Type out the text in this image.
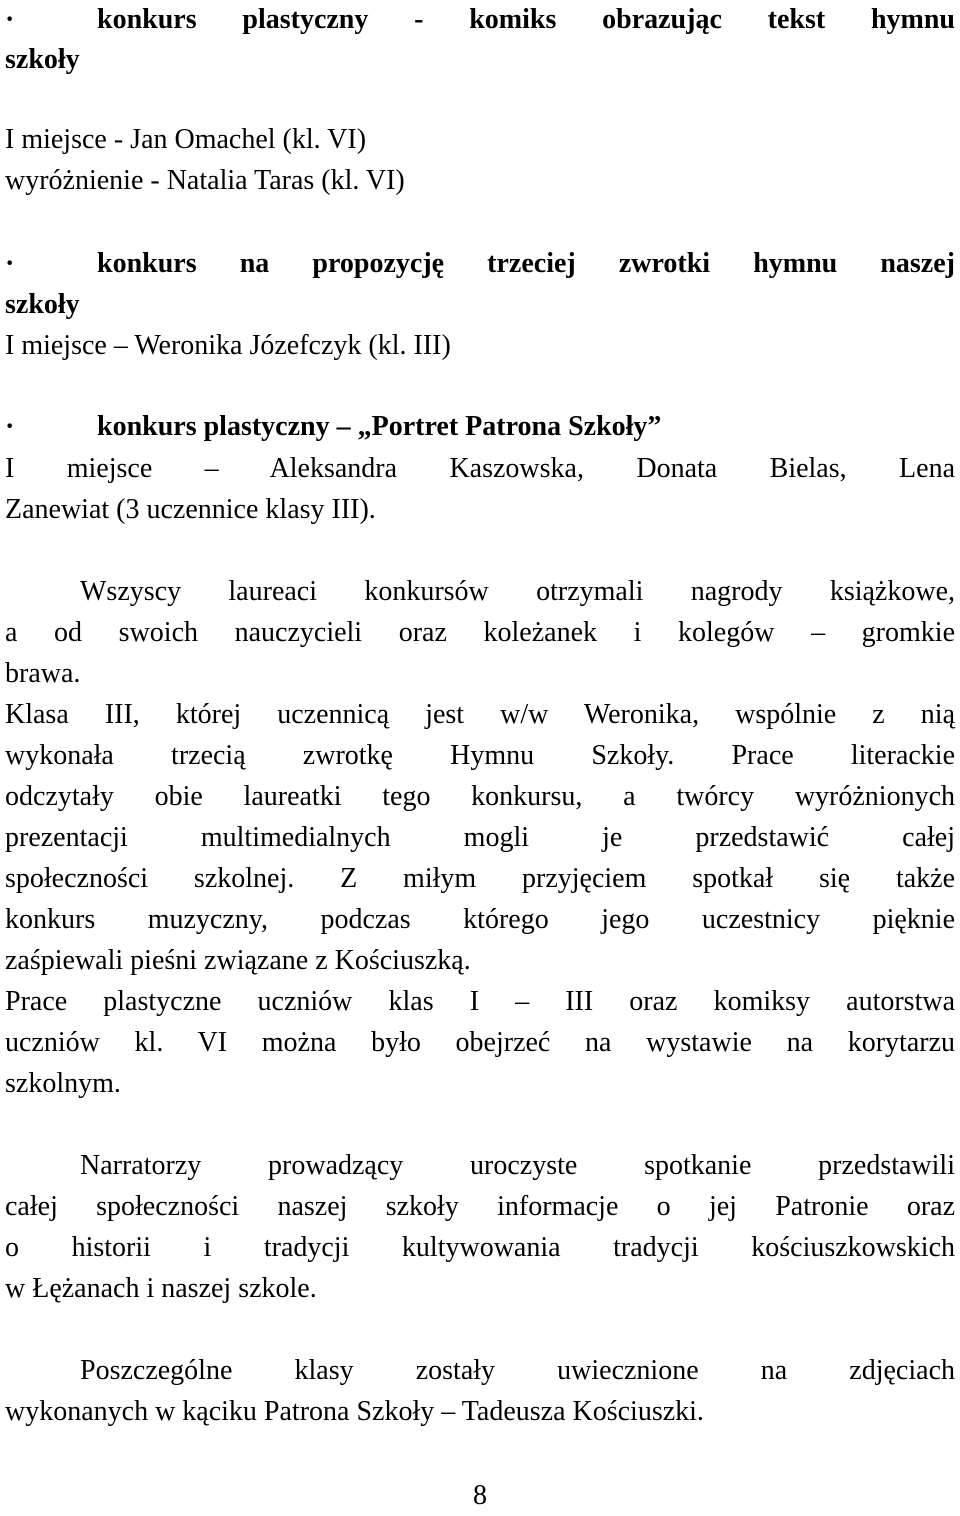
·	konkurs plastyczny - komiks obrazując tekst hymnu
szkoły
I miejsce - Jan Omachel (kl. VI)
wyróżnienie - Natalia Taras (kl. VI)
·	konkurs na propozycję trzeciej zwrotki hymnu naszej
szkoły
I miejsce – Weronika Józefczyk (kl. III)
·	konkurs plastyczny – „Portret Patrona Szkoły”
I miejsce – Aleksandra Kaszowska, Donata Bielas, Lena
Zanewiat (3 uczennice klasy III).
Wszyscy laureaci konkursów otrzymali nagrody książkowe,
a od swoich nauczycieli oraz koleżanek i kolegów – gromkie
brawa.
Klasa III, której uczennicą jest w/w Weronika, wspólnie z nią
wykonała trzecią zwrotkę Hymnu Szkoły. Prace literackie
odczytały obie laureatki tego konkursu, a twórcy wyróżnionych
prezentacji multimedialnych mogli je przedstawić całej
społeczności szkolnej. Z miłym przyjęciem spotkał się także
konkurs muzyczny, podczas którego jego uczestnicy pięknie
zaśpiewali pieśni związane z Kościuszką.
Prace plastyczne uczniów klas I – III oraz komiksy autorstwa
uczniów kl. VI można było obejrzeć na wystawie na korytarzu
szkolnym.
Narratorzy prowadzący uroczyste spotkanie przedstawili
całej społeczności naszej szkoły informacje o jej Patronie oraz
o historii i tradycji kultywowania tradycji kościuszkowskich
w Łężanach i naszej szkole.
Poszczególne klasy zostały uwiecznione na zdjęciach
wykonanych w kąciku Patrona Szkoły – Tadeusza Kościuszki.
8
